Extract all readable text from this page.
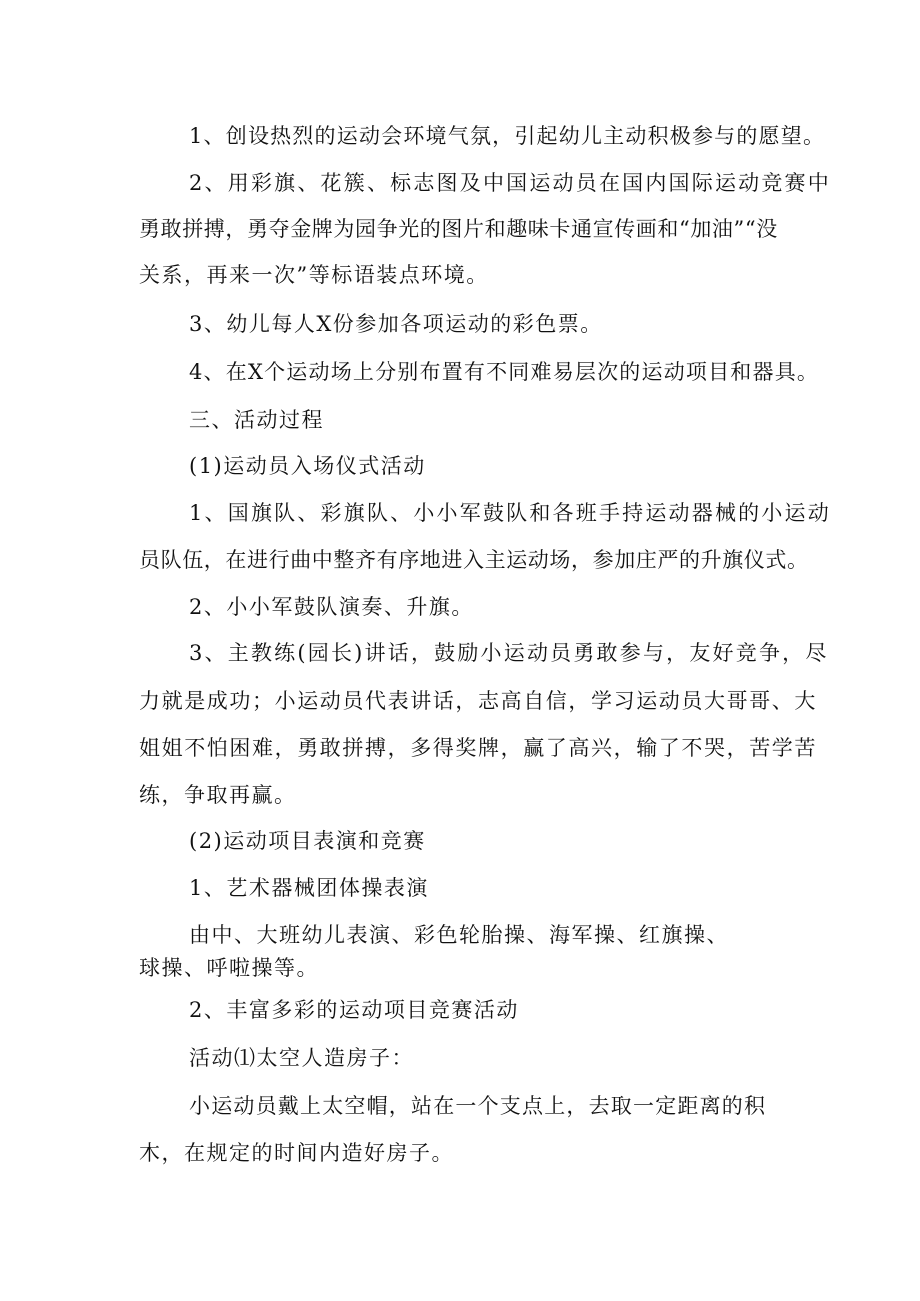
1、创设热烈的运动会环境气氛，引起幼儿主动积极参与的愿望。
2、用彩旗、花簇、标志图及中国运动员在国内国际运动竞赛中
勇敢拼搏，勇夺金牌为园争光的图片和趣味卡通宣传画和“加油”“没
关系，再来一次”等标语装点环境。
3、幼儿每人X份参加各项运动的彩色票。
4、在X个运动场上分别布置有不同难易层次的运动项目和器具。
三、活动过程
(1)运动员入场仪式活动
1、国旗队、彩旗队、小小军鼓队和各班手持运动器械的小运动
员队伍，在进行曲中整齐有序地进入主运动场，参加庄严的升旗仪式。
2、小小军鼓队演奏、升旗。
3、主教练(园长)讲话，鼓励小运动员勇敢参与，友好竞争，尽
力就是成功；小运动员代表讲话，志高自信，学习运动员大哥哥、大
姐姐不怕困难，勇敢拼搏，多得奖牌，赢了高兴，输了不哭，苦学苦
练，争取再赢。
(2)运动项目表演和竞赛
1、艺术器械团体操表演
由中、大班幼儿表演、彩色轮胎操、海军操、红旗操、
球操、呼啦操等。
2、丰富多彩的运动项目竞赛活动
活动⑴太空人造房子：
小运动员戴上太空帽，站在一个支点上，去取一定距离的积
木，在规定的时间内造好房子。
